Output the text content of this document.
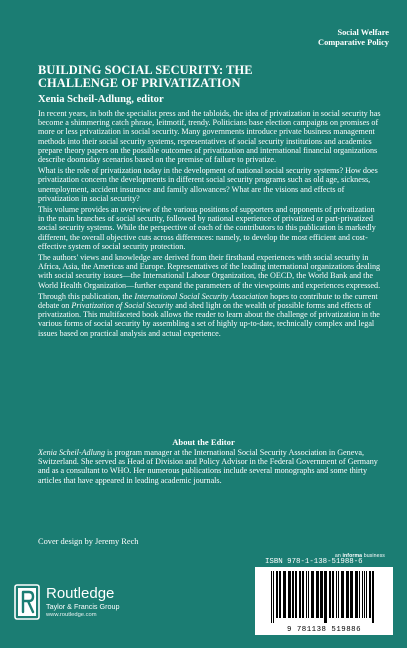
Social Welfare
Comparative Policy
BUILDING SOCIAL SECURITY: THE
CHALLENGE OF PRIVATIZATION
Xenia Scheil-Adlung, editor

In recent years, in both the specialist press and the tabloids, the idea of privatization in social security has become a shimmering catch phrase, leitmotif, trendy. Politicians base election campaigns on promises of more or less privatization in social security. Many governments introduce private business management methods into their social security systems, representatives of social security institutions and academics prepare theory papers on the possible outcomes of privatization and international financial organizations describe doomsday scenarios based on the premise of failure to privatize.

What is the role of privatization today in the development of national social security systems? How does privatization concern the developments in different social security programs such as old age, sickness, unemployment, accident insurance and family allowances? What are the visions and effects of privatization in social security?

This volume provides an overview of the various positions of supporters and opponents of privatization in the main branches of social security, followed by national experience of privatized or part-privatized social security systems. While the perspective of each of the contributors to this publication is markedly different, the overall objective cuts across differences: namely, to develop the most efficient and cost-effective system of social security protection.

The authors' views and knowledge are derived from their firsthand experiences with social security in Africa, Asia, the Americas and Europe. Representatives of the leading international organizations dealing with social security issues—the International Labour Organization, the OECD, the World Bank and the World Health Organization—further expand the parameters of the viewpoints and experiences expressed.

Through this publication, the International Social Security Association hopes to contribute to the current debate on Privatization of Social Security and shed light on the wealth of possible forms and effects of privatization. This multifaceted book allows the reader to learn about the challenge of privatization in the various forms of social security by assembling a set of highly up-to-date, technically complex and legal issues based on practical analysis and actual experience.

About the Editor

Xenia Scheil-Adlung is program manager at the International Social Security Association in Geneva, Switzerland. She served as Head of Division and Policy Advisor in the Federal Government of Germany and as a consultant to WHO. Her numerous publications include several monographs and some thirty articles that have appeared in leading academic journals.

Cover design by Jeremy Rech
an informa business
Routledge
Taylor & Francis Group
www.routledge.com
ISBN 978-1-138-51988-6
9 781138 519886
